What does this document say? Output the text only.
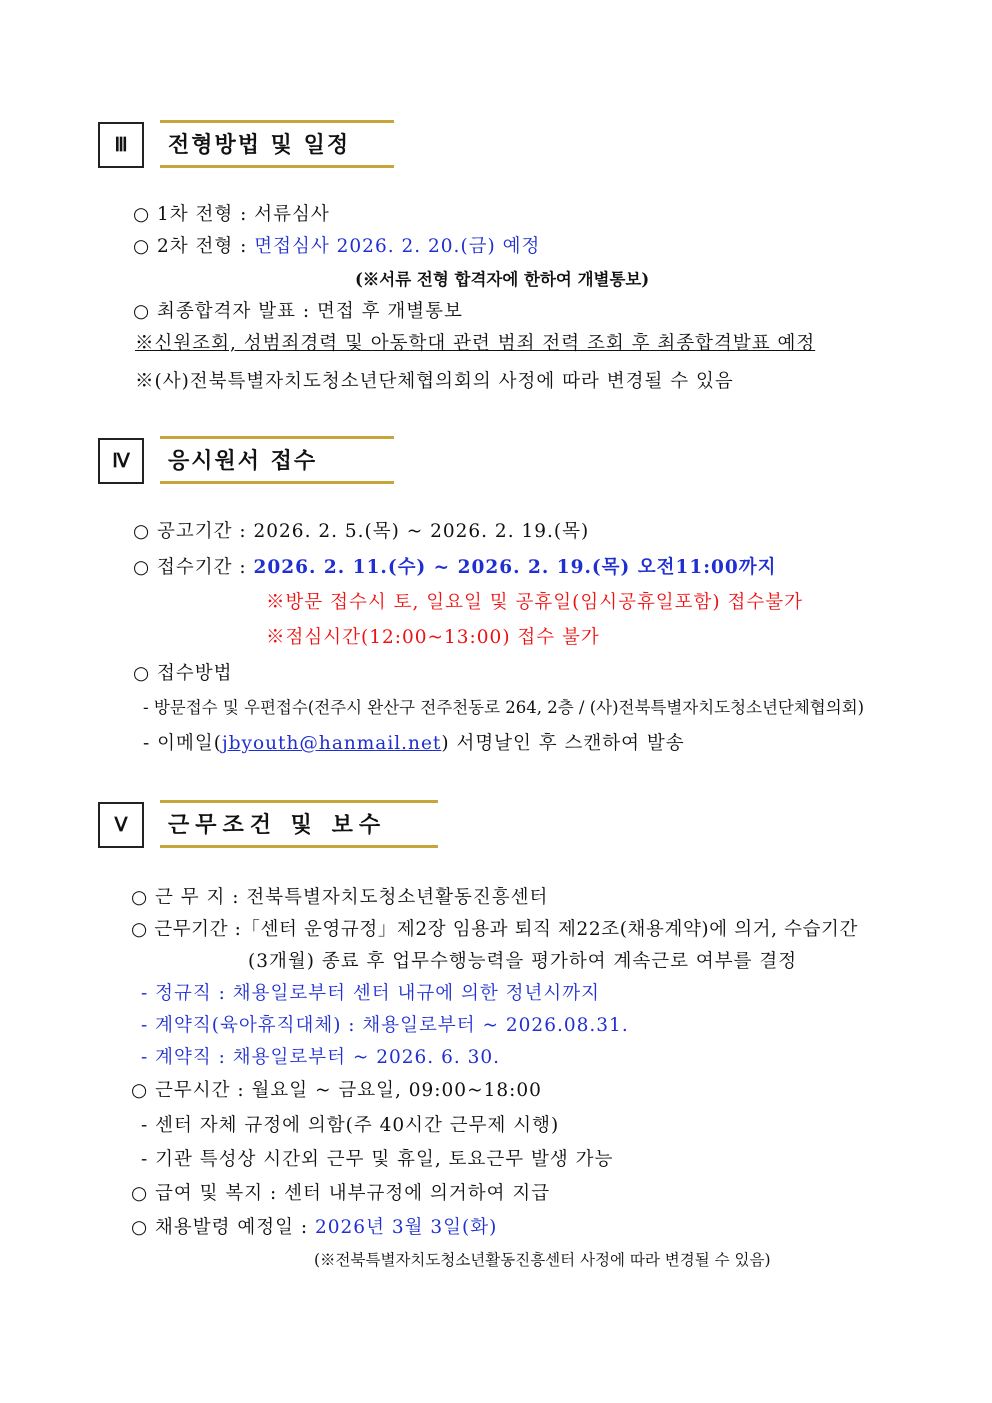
Ⅲ	전형방법 및 일정
○ 1차 전형 : 서류심사
○ 2차 전형 : 면접심사 2026. 2. 20.(금) 예정
(※서류 전형 합격자에 한하여 개별통보)
○ 최종합격자 발표 : 면접 후 개별통보
※신원조회, 성범죄경력 및 아동학대 관련 범죄 전력 조회 후 최종합격발표 예정
※(사)전북특별자치도청소년단체협의회의 사정에 따라 변경될 수 있음
Ⅳ	응시원서 접수
○ 공고기간 : 2026. 2. 5.(목) ~ 2026. 2. 19.(목)
○ 접수기간 : 2026. 2. 11.(수) ~ 2026. 2. 19.(목) 오전11:00까지
※방문 접수시 토, 일요일 및 공휴일(임시공휴일포함) 접수불가
※점심시간(12:00~13:00) 접수 불가
○ 접수방법
- 방문접수 및 우편접수(전주시 완산구 전주천동로 264, 2층 / (사)전북특별자치도청소년단체협의회)
- 이메일(jbyouth@hanmail.net) 서명날인 후 스캔하여 발송
Ⅴ	근무조건 및 보수
○ 근 무 지 : 전북특별자치도청소년활동진흥센터
○ 근무기간 :「센터 운영규정」제2장 임용과 퇴직 제22조(채용계약)에 의거, 수습기간
(3개월) 종료 후 업무수행능력을 평가하여 계속근로 여부를 결정
- 정규직 : 채용일로부터 센터 내규에 의한 정년시까지
- 계약직(육아휴직대체) : 채용일로부터 ~ 2026.08.31.
- 계약직 : 채용일로부터 ~ 2026. 6. 30.
○ 근무시간 : 월요일 ~ 금요일, 09:00~18:00
- 센터 자체 규정에 의함(주 40시간 근무제 시행)
- 기관 특성상 시간외 근무 및 휴일, 토요근무 발생 가능
○ 급여 및 복지 : 센터 내부규정에 의거하여 지급
○ 채용발령 예정일 : 2026년 3월 3일(화)
(※전북특별자치도청소년활동진흥센터 사정에 따라 변경될 수 있음)
